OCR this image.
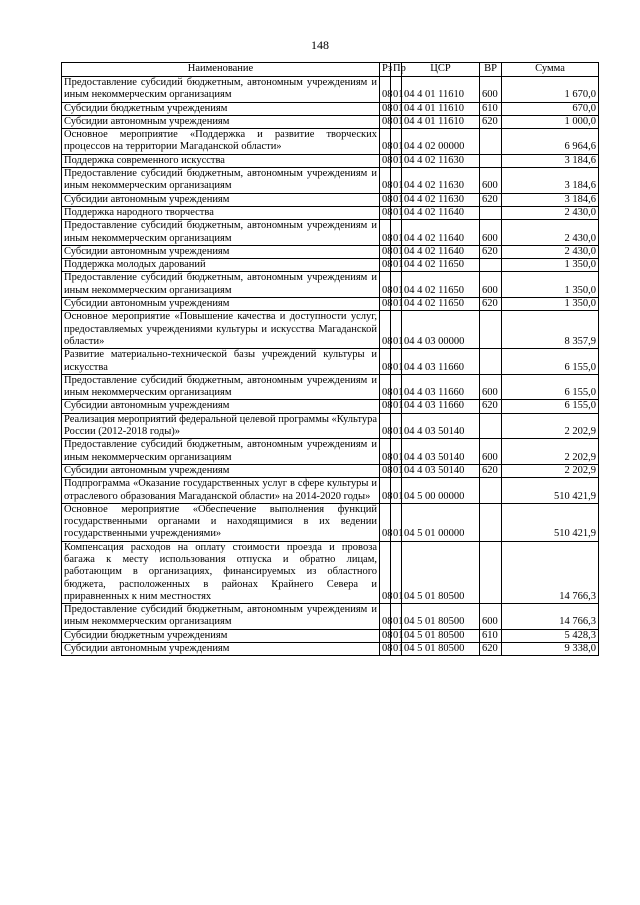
148
Наименование	Рз	Пр	ЦСР	ВР	Сумма
Предоставление субсидий бюджетным, автономным учреждениям и иным некоммерческим организациям	08	01	04 4 01 11610	600	1 670,0
Субсидии бюджетным учреждениям	08	01	04 4 01 11610	610	670,0
Субсидии автономным учреждениям	08	01	04 4 01 11610	620	1 000,0
Основное мероприятие «Поддержка и развитие творческих процессов на территории Магаданской области»	08	01	04 4 02 00000		6 964,6
Поддержка современного искусства	08	01	04 4 02 11630		3 184,6
Предоставление субсидий бюджетным, автономным учреждениям и иным некоммерческим организациям	08	01	04 4 02 11630	600	3 184,6
Субсидии автономным учреждениям	08	01	04 4 02 11630	620	3 184,6
Поддержка народного творчества	08	01	04 4 02 11640		2 430,0
Предоставление субсидий бюджетным, автономным учреждениям и иным некоммерческим организациям	08	01	04 4 02 11640	600	2 430,0
Субсидии автономным учреждениям	08	01	04 4 02 11640	620	2 430,0
Поддержка молодых дарований	08	01	04 4 02 11650		1 350,0
Предоставление субсидий бюджетным, автономным учреждениям и иным некоммерческим организациям	08	01	04 4 02 11650	600	1 350,0
Субсидии автономным учреждениям	08	01	04 4 02 11650	620	1 350,0
Основное мероприятие «Повышение качества и доступности услуг, предоставляемых учреждениями культуры и искусства Магаданской области»	08	01	04 4 03 00000		8 357,9
Развитие материально-технической базы учреждений культуры и искусства	08	01	04 4 03 11660		6 155,0
Предоставление субсидий бюджетным, автономным учреждениям и иным некоммерческим организациям	08	01	04 4 03 11660	600	6 155,0
Субсидии автономным учреждениям	08	01	04 4 03 11660	620	6 155,0
Реализация мероприятий федеральной целевой программы «Культура России (2012-2018 годы)»	08	01	04 4 03 50140		2 202,9
Предоставление субсидий бюджетным, автономным учреждениям и иным некоммерческим организациям	08	01	04 4 03 50140	600	2 202,9
Субсидии автономным учреждениям	08	01	04 4 03 50140	620	2 202,9
Подпрограмма «Оказание государственных услуг в сфере культуры и отраслевого образования Магаданской области» на 2014-2020 годы»	08	01	04 5 00 00000		510 421,9
Основное мероприятие «Обеспечение выполнения функций государственными органами и находящимися в их ведении государственными учреждениями»	08	01	04 5 01 00000		510 421,9
Компенсация расходов на оплату стоимости проезда и провоза багажа к месту использования отпуска и обратно лицам, работающим в организациях, финансируемых из областного бюджета, расположенных в районах Крайнего Севера и приравненных к ним местностях	08	01	04 5 01 80500		14 766,3
Предоставление субсидий бюджетным, автономным учреждениям и иным некоммерческим организациям	08	01	04 5 01 80500	600	14 766,3
Субсидии бюджетным учреждениям	08	01	04 5 01 80500	610	5 428,3
Субсидии автономным учреждениям	08	01	04 5 01 80500	620	9 338,0
